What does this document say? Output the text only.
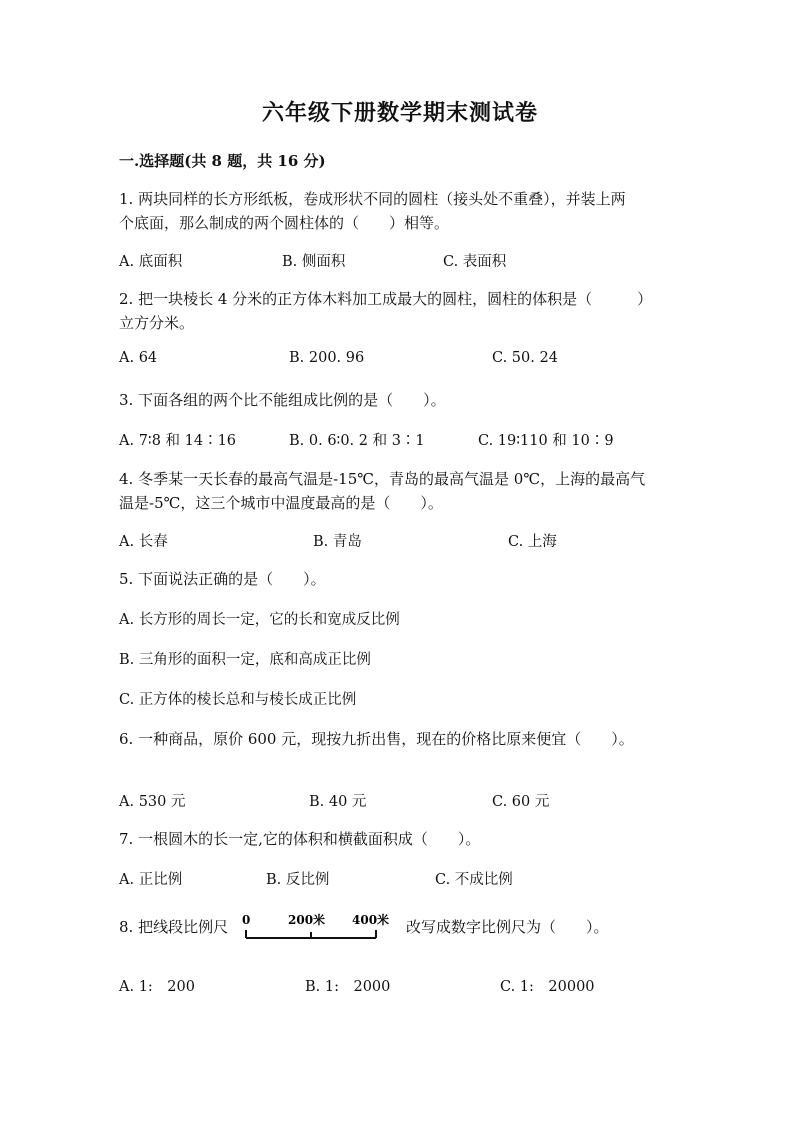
六年级下册数学期末测试卷
一.选择题(共 8 题，共 16 分)
1. 两块同样的长方形纸板，卷成形状不同的圆柱（接头处不重叠），并装上两
个底面，那么制成的两个圆柱体的（　　）相等。
A. 底面积	B. 侧面积	C. 表面积
2. 把一块棱长 4 分米的正方体木料加工成最大的圆柱，圆柱的体积是（　　　）
立方分米。
A. 64	B. 200. 96	C. 50. 24
3. 下面各组的两个比不能组成比例的是（　　）。
A. 7∶8 和 14∶16	B. 0. 6∶0. 2 和 3∶1	C. 19∶110 和 10∶9
4. 冬季某一天长春的最高气温是-15℃，青岛的最高气温是 0℃，上海的最高气
温是-5℃，这三个城市中温度最高的是（　　）。
A. 长春	B. 青岛	C. 上海
5. 下面说法正确的是（　　）。
A. 长方形的周长一定，它的长和宽成反比例
B. 三角形的面积一定，底和高成正比例
C. 正方体的棱长总和与棱长成正比例
6. 一种商品，原价 600 元，现按九折出售，现在的价格比原来便宜（　　）。
A. 530 元	B. 40 元	C. 60 元
7. 一根圆木的长一定,它的体积和横截面积成（　　）。
A. 正比例	B. 反比例	C. 不成比例
8. 把线段比例尺 0	200米 400米 改写成数字比例尺为（　　）。
A. 1:　200	B. 1:　2000	C. 1:　20000
